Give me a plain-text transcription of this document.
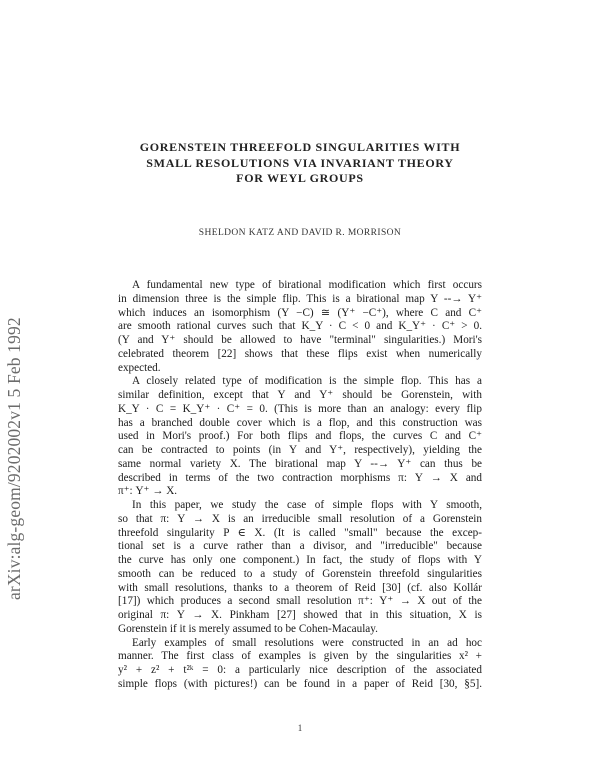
arXiv:alg-geom/9202002v1 5 Feb 1992
GORENSTEIN THREEFOLD SINGULARITIES WITH
SMALL RESOLUTIONS VIA INVARIANT THEORY
FOR WEYL GROUPS
SHELDON KATZ AND DAVID R. MORRISON
A fundamental new type of birational modification which first occurs
in dimension three is the simple flip. This is a birational map Y --→ Y⁺
which induces an isomorphism (Y −C) ≅ (Y⁺ −C⁺), where C and C⁺
are smooth rational curves such that K_Y · C < 0 and K_Y⁺ · C⁺ > 0.
(Y and Y⁺ should be allowed to have "terminal" singularities.) Mori's
celebrated theorem [22] shows that these flips exist when numerically
expected.
A closely related type of modification is the simple flop. This has a
similar definition, except that Y and Y⁺ should be Gorenstein, with
K_Y · C = K_Y⁺ · C⁺ = 0. (This is more than an analogy: every flip
has a branched double cover which is a flop, and this construction was
used in Mori's proof.) For both flips and flops, the curves C and C⁺
can be contracted to points (in Y and Y⁺, respectively), yielding the
same normal variety X. The birational map Y --→ Y⁺ can thus be
described in terms of the two contraction morphisms π: Y → X and
π⁺: Y⁺ → X.
In this paper, we study the case of simple flops with Y smooth,
so that π: Y → X is an irreducible small resolution of a Gorenstein
threefold singularity P ∈ X. (It is called "small" because the excep-
tional set is a curve rather than a divisor, and "irreducible" because
the curve has only one component.) In fact, the study of flops with Y
smooth can be reduced to a study of Gorenstein threefold singularities
with small resolutions, thanks to a theorem of Reid [30] (cf. also Kollár
[17]) which produces a second small resolution π⁺: Y⁺ → X out of the
original π: Y → X. Pinkham [27] showed that in this situation, X is
Gorenstein if it is merely assumed to be Cohen-Macaulay.
Early examples of small resolutions were constructed in an ad hoc
manner. The first class of examples is given by the singularities x² +
y² + z² + t²ᵏ = 0: a particularly nice description of the associated
simple flops (with pictures!) can be found in a paper of Reid [30, §5].
1
